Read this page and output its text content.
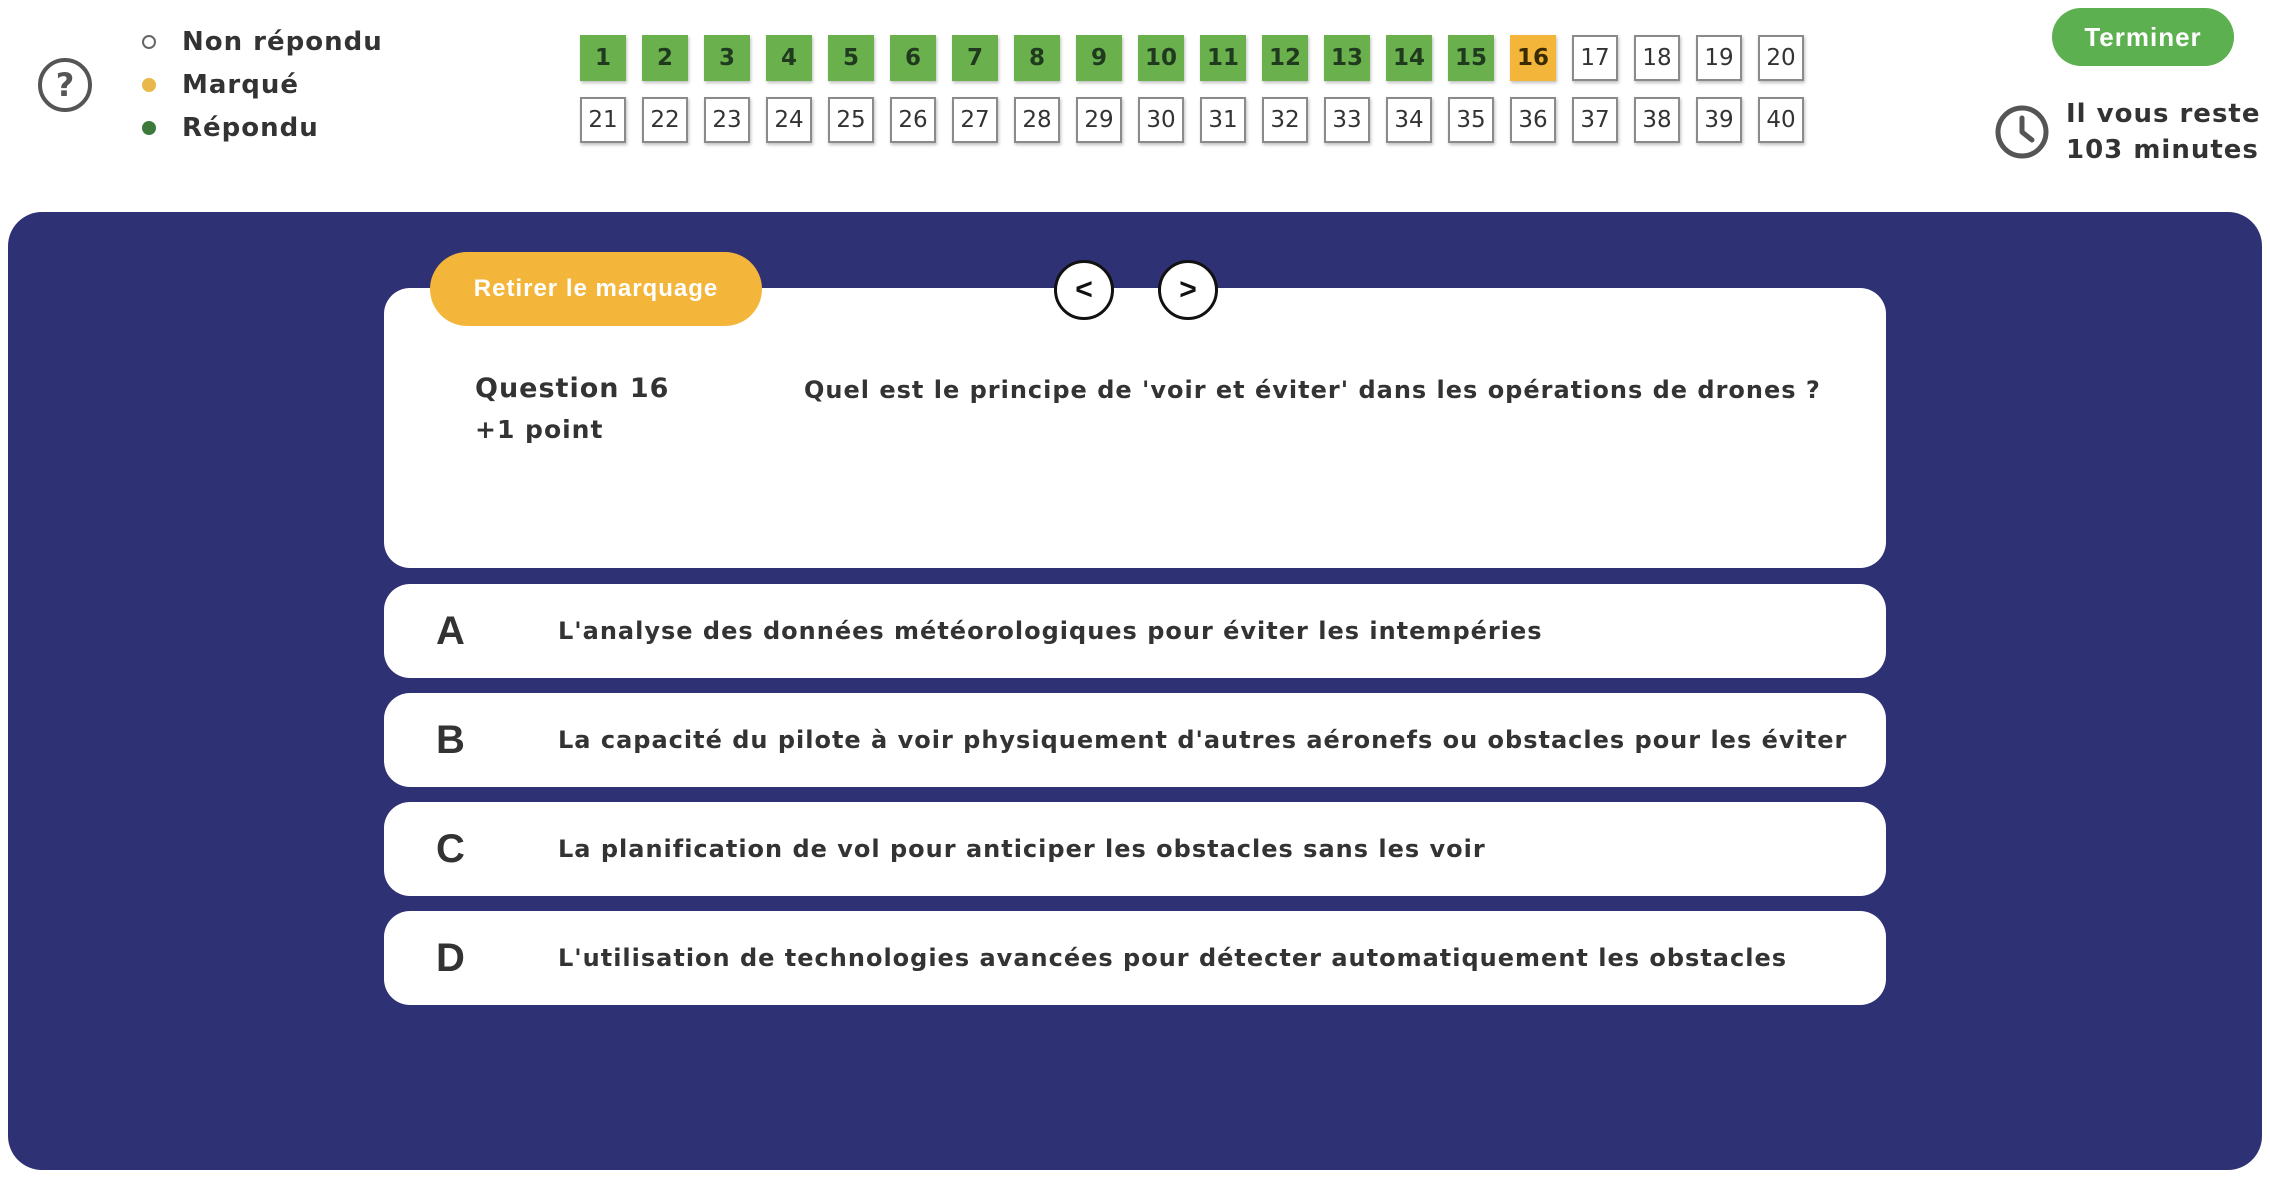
?
Non répondu
Marqué
Répondu
1	2	3	4	5	6	7	8	9	10	11	12	13	14	15	16	17	18	19	20
21	22	23	24	25	26	27	28	29	30	31	32	33	34	35	36	37	38	39	40
Terminer
Il vous reste
103 minutes
Question 16
+1 point
Quel est le principe de 'voir et éviter' dans les opérations de drones ?
Retirer le marquage	<	>
A	L'analyse des données météorologiques pour éviter les intempéries
B	La capacité du pilote à voir physiquement d'autres aéronefs ou obstacles pour les éviter
C	La planification de vol pour anticiper les obstacles sans les voir
D	L'utilisation de technologies avancées pour détecter automatiquement les obstacles
